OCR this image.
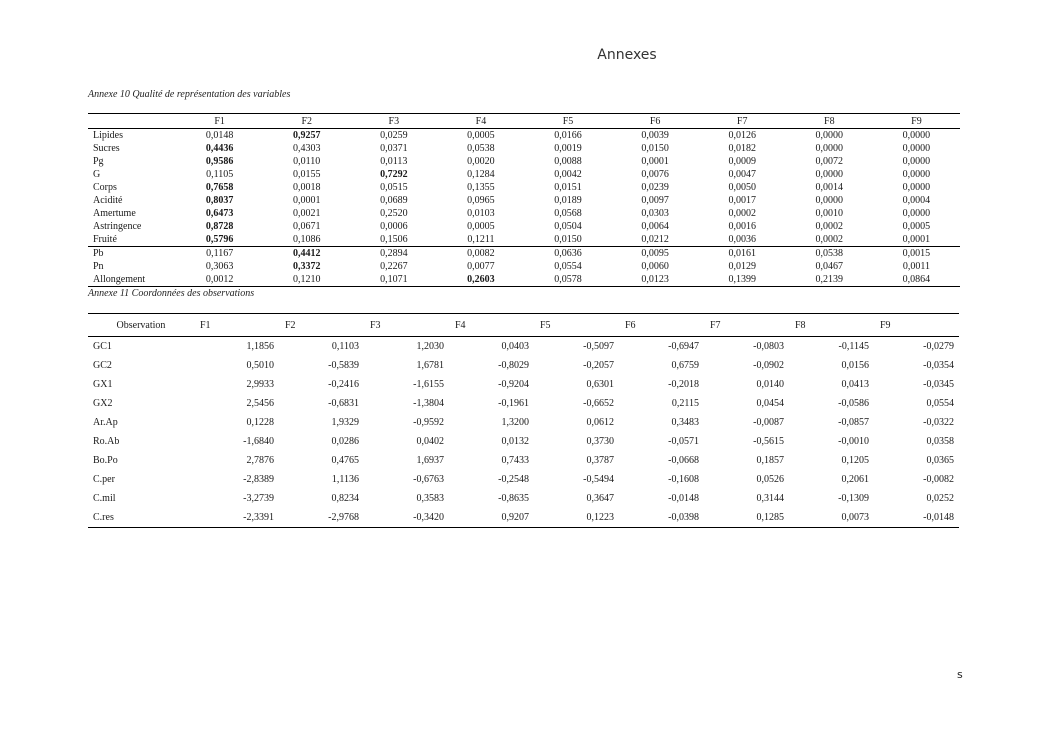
Annexes
Annexe 10 Qualité de représentation des variables
	F1	F2	F3	F4	F5	F6	F7	F8	F9
Lipides	0,0148	0,9257	0,0259	0,0005	0,0166	0,0039	0,0126	0,0000	0,0000
Sucres	0,4436	0,4303	0,0371	0,0538	0,0019	0,0150	0,0182	0,0000	0,0000
Pg	0,9586	0,0110	0,0113	0,0020	0,0088	0,0001	0,0009	0,0072	0,0000
G	0,1105	0,0155	0,7292	0,1284	0,0042	0,0076	0,0047	0,0000	0,0000
Corps	0,7658	0,0018	0,0515	0,1355	0,0151	0,0239	0,0050	0,0014	0,0000
Acidité	0,8037	0,0001	0,0689	0,0965	0,0189	0,0097	0,0017	0,0000	0,0004
Amertume	0,6473	0,0021	0,2520	0,0103	0,0568	0,0303	0,0002	0,0010	0,0000
Astringence	0,8728	0,0671	0,0006	0,0005	0,0504	0,0064	0,0016	0,0002	0,0005
Fruité	0,5796	0,1086	0,1506	0,1211	0,0150	0,0212	0,0036	0,0002	0,0001
Pb	0,1167	0,4412	0,2894	0,0082	0,0636	0,0095	0,0161	0,0538	0,0015
Pn	0,3063	0,3372	0,2267	0,0077	0,0554	0,0060	0,0129	0,0467	0,0011
Allongement	0,0012	0,1210	0,1071	0,2603	0,0578	0,0123	0,1399	0,2139	0,0864
Annexe 11 Coordonnées des observations
Observation	F1	F2	F3	F4	F5	F6	F7	F8	F9
GC1	1,1856	0,1103	1,2030	0,0403	-0,5097	-0,6947	-0,0803	-0,1145	-0,0279
GC2	0,5010	-0,5839	1,6781	-0,8029	-0,2057	0,6759	-0,0902	0,0156	-0,0354
GX1	2,9933	-0,2416	-1,6155	-0,9204	0,6301	-0,2018	0,0140	0,0413	-0,0345
GX2	2,5456	-0,6831	-1,3804	-0,1961	-0,6652	0,2115	0,0454	-0,0586	0,0554
Ar.Ap	0,1228	1,9329	-0,9592	1,3200	0,0612	0,3483	-0,0087	-0,0857	-0,0322
Ro.Ab	-1,6840	0,0286	0,0402	0,0132	0,3730	-0,0571	-0,5615	-0,0010	0,0358
Bo.Po	2,7876	0,4765	1,6937	0,7433	0,3787	-0,0668	0,1857	0,1205	0,0365
C.per	-2,8389	1,1136	-0,6763	-0,2548	-0,5494	-0,1608	0,0526	0,2061	-0,0082
C.mil	-3,2739	0,8234	0,3583	-0,8635	0,3647	-0,0148	0,3144	-0,1309	0,0252
C.res	-2,3391	-2,9768	-0,3420	0,9207	0,1223	-0,0398	0,1285	0,0073	-0,0148
s
